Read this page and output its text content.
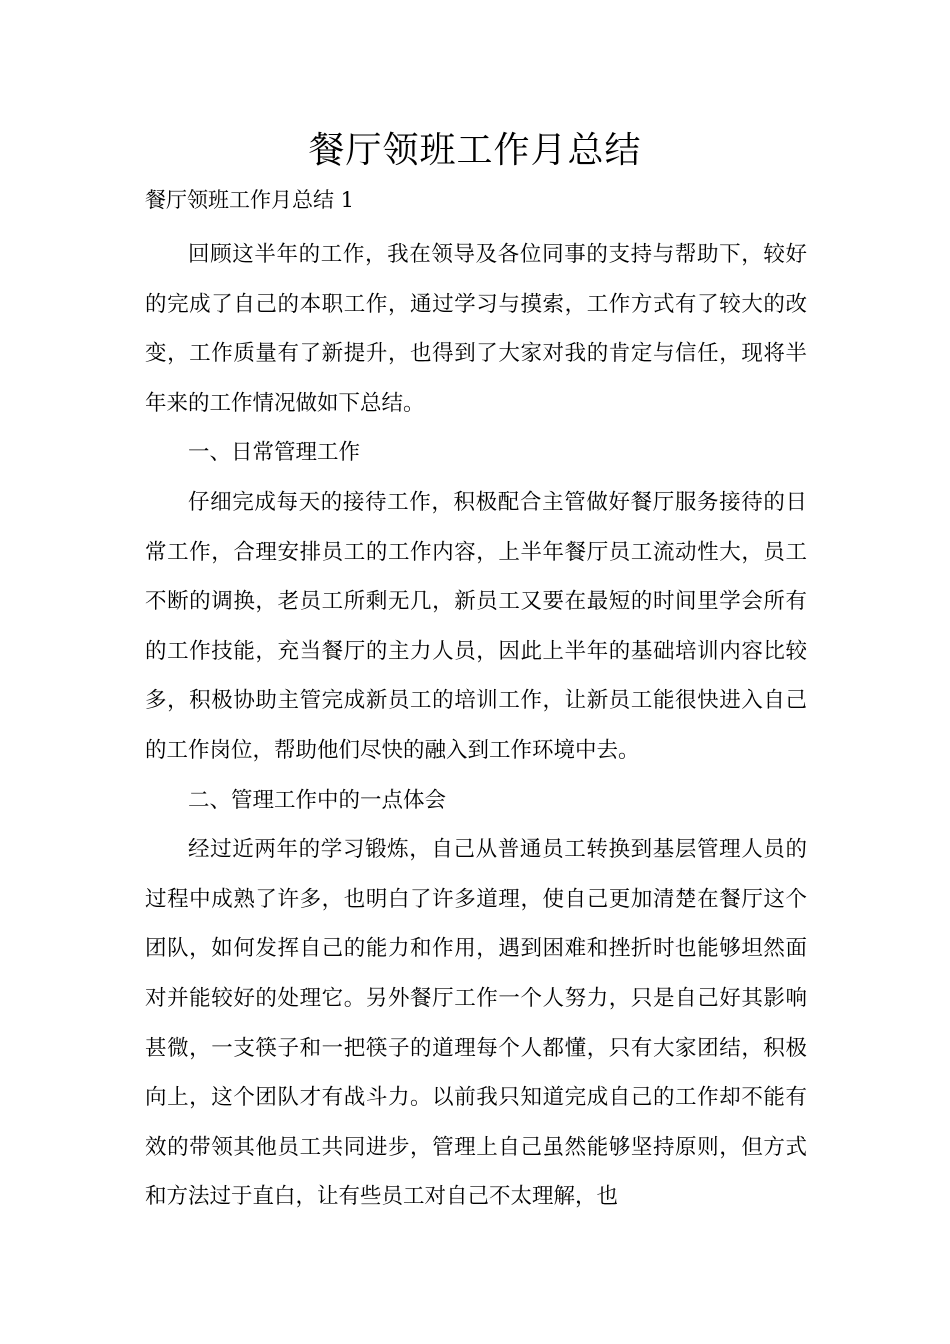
餐厅领班工作月总结
餐厅领班工作月总结 1

回顾这半年的工作，我在领导及各位同事的支持与帮助下，较好的完成了自己的本职工作，通过学习与摸索，工作方式有了较大的改变，工作质量有了新提升，也得到了大家对我的肯定与信任，现将半年来的工作情况做如下总结。

一、日常管理工作

仔细完成每天的接待工作，积极配合主管做好餐厅服务接待的日常工作，合理安排员工的工作内容，上半年餐厅员工流动性大，员工不断的调换，老员工所剩无几，新员工又要在最短的时间里学会所有的工作技能，充当餐厅的主力人员，因此上半年的基础培训内容比较多，积极协助主管完成新员工的培训工作，让新员工能很快进入自己的工作岗位，帮助他们尽快的融入到工作环境中去。

二、管理工作中的一点体会

经过近两年的学习锻炼，自己从普通员工转换到基层管理人员的过程中成熟了许多，也明白了许多道理，使自己更加清楚在餐厅这个团队，如何发挥自己的能力和作用，遇到困难和挫折时也能够坦然面对并能较好的处理它。另外餐厅工作一个人努力，只是自己好其影响甚微，一支筷子和一把筷子的道理每个人都懂，只有大家团结，积极向上，这个团队才有战斗力。以前我只知道完成自己的工作却不能有效的带领其他员工共同进步，管理上自己虽然能够坚持原则，但方式和方法过于直白，让有些员工对自己不太理解，也
